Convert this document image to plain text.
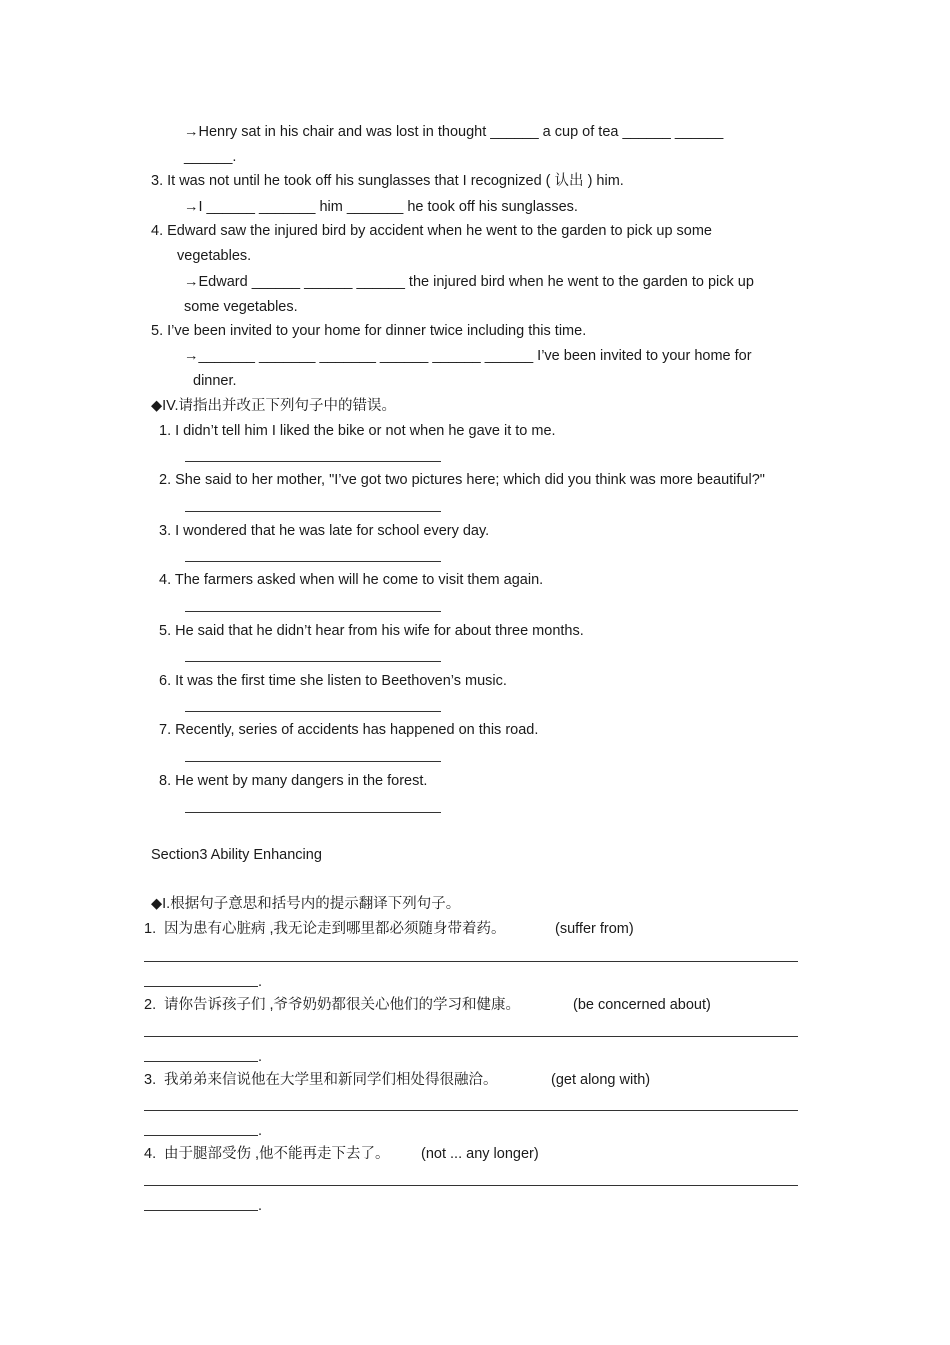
→Henry sat in his chair and was lost in thought ______ a cup of tea ______ ______
______.
3. It was not until he took off his sunglasses that I recognized ( 认出 ) him.
→I ______ _______ him _______ he took off his sunglasses.
4. Edward saw the injured bird by accident when he went to the garden to pick up some
vegetables.
→Edward ______ ______ ______ the injured bird when he went to the garden to pick up
some vegetables.
5. I’ve been invited to your home for dinner twice including this time.
→_______ _______ _______ ______ ______ ______ I’ve been invited to your home for
dinner.
◆IV.请指出并改正下列句子中的错误。
1. I didn’t tell him I liked the bike or not when he gave it to me.
2. She said to her mother, "I’ve got two pictures here; which did you think was more beautiful?"
3. I wondered that he was late for school every day.
4. The farmers asked when will he come to visit them again.
5. He said that he didn’t hear from his wife for about three months.
6. It was the first time she listen to Beethoven’s music.
7. Recently, series of accidents has happened on this road.
8. He went by many dangers in the forest.
Section3 Ability Enhancing
◆I.根据句子意思和括号内的提示翻译下列句子。
1. 因为患有心脏病 ,我无论走到哪里都必须随身带着药。	(suffer from)
.
2. 请你告诉孩子们 ,爷爷奶奶都很关心他们的学习和健康。	(be concerned about)
.
3. 我弟弟来信说他在大学里和新同学们相处得很融洽。	(get along with)
.
4. 由于腿部受伤 ,他不能再走下去了。 (not ... any longer)
.
